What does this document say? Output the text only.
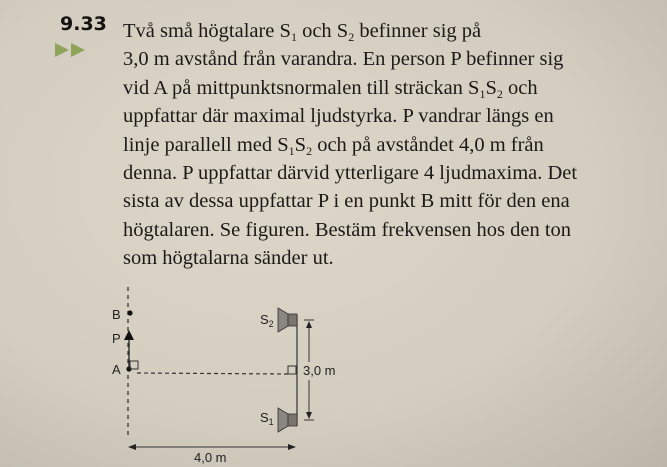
9.33 Två små högtalare $S_1$ och $S_2$ befinner sig på
3,0 m avstånd från varandra. En person P befinner sig
vid A på mittpunktsnormalen till sträckan $S_1S_2$ och
uppfattar där maximal ljudstyrka. P vandrar längs en
linje parallell med $S_1S_2$ och på avståndet 4,0 m från
denna. P uppfattar därvid ytterligare 4 ljudmaxima. Det
sista av dessa uppfattar P i en punkt B mitt för den ena
högtalaren. Se figuren. Bestäm frekvensen hos den ton
som högtalarna sänder ut.
B
P
A
$S_2$
$S_1$
3,0 m
4,0 m
